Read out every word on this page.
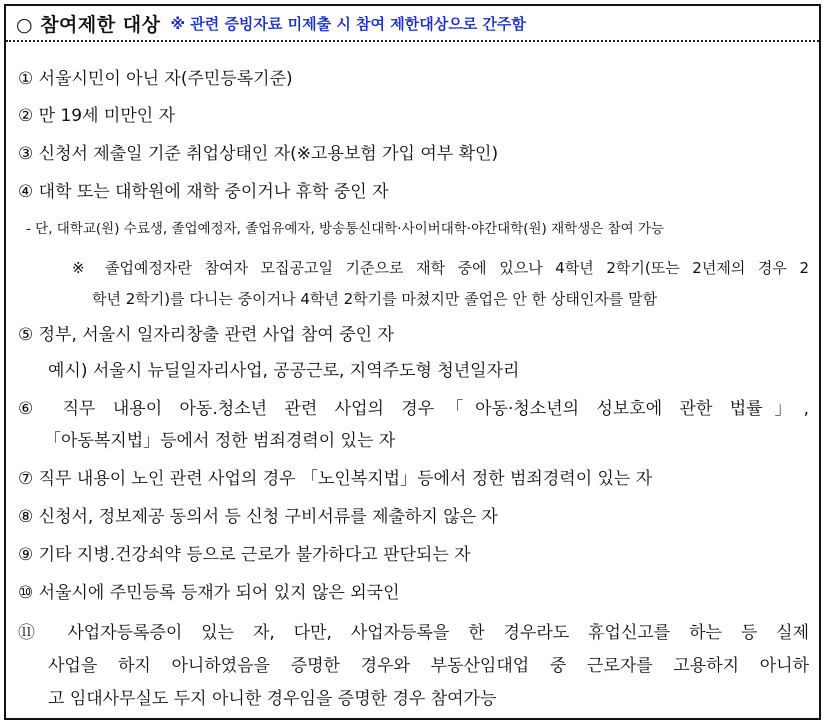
○ 참여제한 대상 ※ 관련 증빙자료 미제출 시 참여 제한대상으로 간주함
① 서울시민이 아닌 자(주민등록기준)
② 만 19세 미만인 자
③ 신청서 제출일 기준 취업상태인 자(※고용보험 가입 여부 확인)
④ 대학 또는 대학원에 재학 중이거나 휴학 중인 자
- 단, 대학교(원) 수료생, 졸업예정자, 졸업유예자, 방송통신대학·사이버대학·야간대학(원) 재학생은 참여 가능
※ 졸업예정자란 참여자 모집공고일 기준으로 재학 중에 있으나 4학년 2학기(또는 2년제의 경우 2
학년 2학기)를 다니는 중이거나 4학년 2학기를 마쳤지만 졸업은 안 한 상태인자를 말함
⑤ 정부, 서울시 일자리창출 관련 사업 참여 중인 자
예시) 서울시 뉴딜일자리사업, 공공근로, 지역주도형 청년일자리
⑥ 직무 내용이 아동.청소년 관련 사업의 경우「아동·청소년의 성보호에 관한 법률」,
「아동복지법」등에서 정한 범죄경력이 있는 자
⑦ 직무 내용이 노인 관련 사업의 경우 「노인복지법」등에서 정한 범죄경력이 있는 자
⑧ 신청서, 정보제공 동의서 등 신청 구비서류를 제출하지 않은 자
⑨ 기타 지병.건강쇠약 등으로 근로가 불가하다고 판단되는 자
⑩ 서울시에 주민등록 등재가 되어 있지 않은 외국인
⑪ 사업자등록증이 있는 자, 다만, 사업자등록을 한 경우라도 휴업신고를 하는 등 실제
사업을 하지 아니하였음을 증명한 경우와 부동산임대업 중 근로자를 고용하지 아니하
고 임대사무실도 두지 아니한 경우임을 증명한 경우 참여가능
